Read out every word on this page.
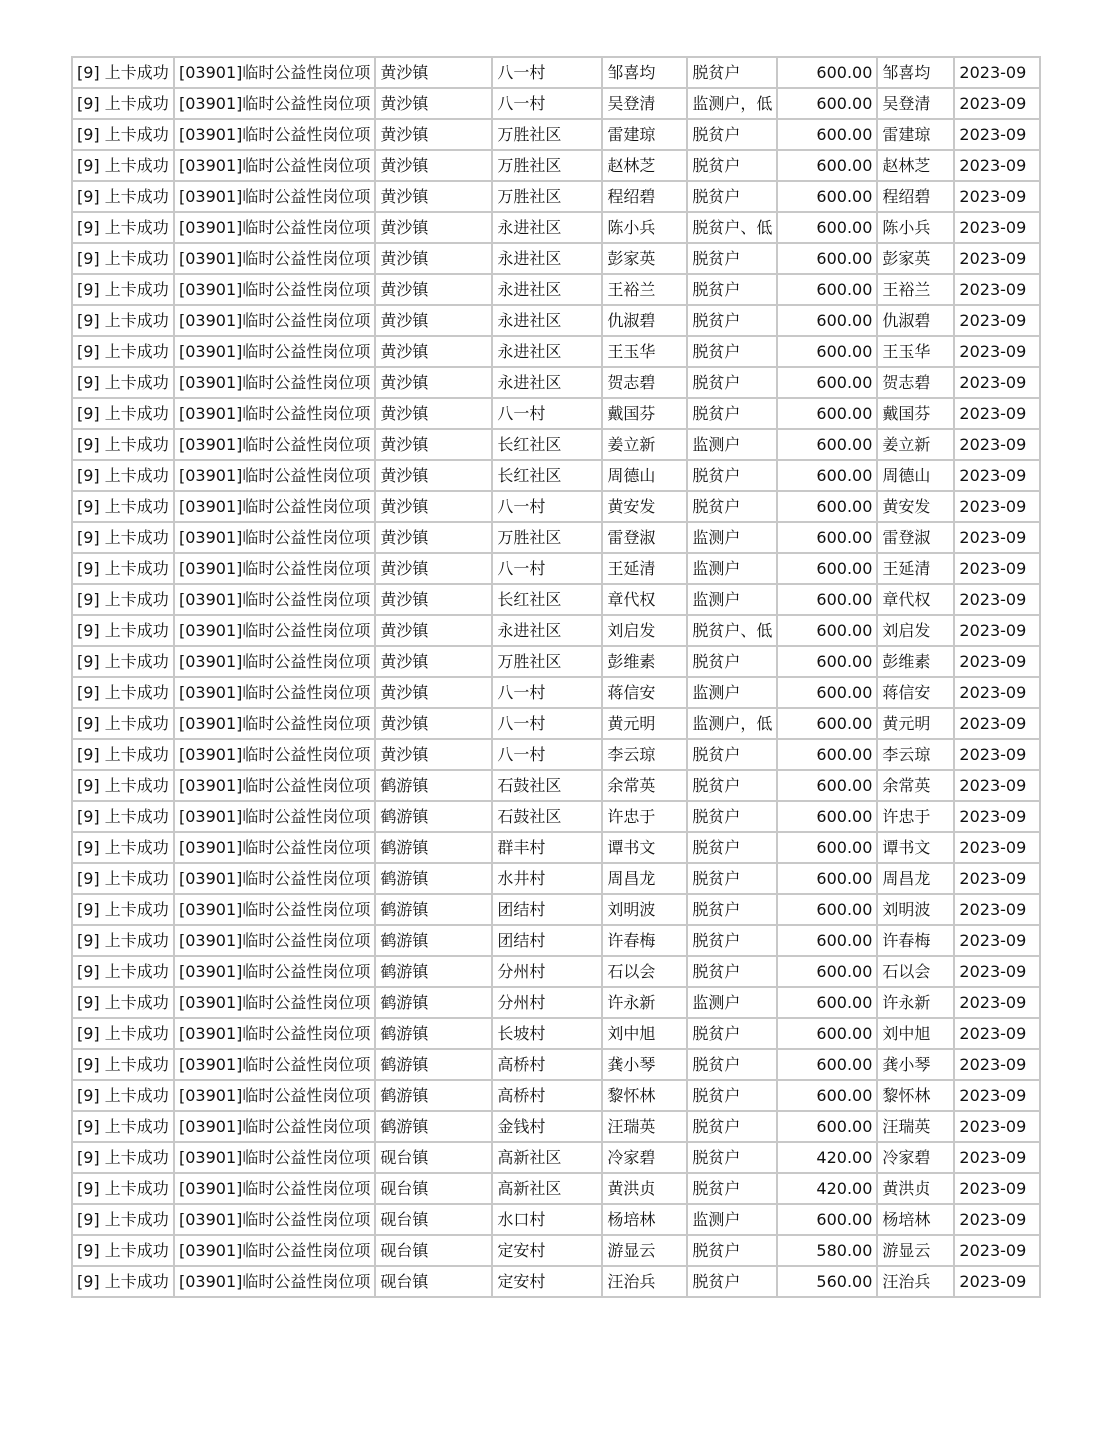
[9] 上卡成功	[03901]临时公益性岗位项	黄沙镇	八一村	邹喜均	脱贫户	600.00	邹喜均	2023-09
[9] 上卡成功	[03901]临时公益性岗位项	黄沙镇	八一村	吴登清	监测户，低	600.00	吴登清	2023-09
[9] 上卡成功	[03901]临时公益性岗位项	黄沙镇	万胜社区	雷建琼	脱贫户	600.00	雷建琼	2023-09
[9] 上卡成功	[03901]临时公益性岗位项	黄沙镇	万胜社区	赵林芝	脱贫户	600.00	赵林芝	2023-09
[9] 上卡成功	[03901]临时公益性岗位项	黄沙镇	万胜社区	程绍碧	脱贫户	600.00	程绍碧	2023-09
[9] 上卡成功	[03901]临时公益性岗位项	黄沙镇	永进社区	陈小兵	脱贫户、低	600.00	陈小兵	2023-09
[9] 上卡成功	[03901]临时公益性岗位项	黄沙镇	永进社区	彭家英	脱贫户	600.00	彭家英	2023-09
[9] 上卡成功	[03901]临时公益性岗位项	黄沙镇	永进社区	王裕兰	脱贫户	600.00	王裕兰	2023-09
[9] 上卡成功	[03901]临时公益性岗位项	黄沙镇	永进社区	仇淑碧	脱贫户	600.00	仇淑碧	2023-09
[9] 上卡成功	[03901]临时公益性岗位项	黄沙镇	永进社区	王玉华	脱贫户	600.00	王玉华	2023-09
[9] 上卡成功	[03901]临时公益性岗位项	黄沙镇	永进社区	贺志碧	脱贫户	600.00	贺志碧	2023-09
[9] 上卡成功	[03901]临时公益性岗位项	黄沙镇	八一村	戴国芬	脱贫户	600.00	戴国芬	2023-09
[9] 上卡成功	[03901]临时公益性岗位项	黄沙镇	长红社区	姜立新	监测户	600.00	姜立新	2023-09
[9] 上卡成功	[03901]临时公益性岗位项	黄沙镇	长红社区	周德山	脱贫户	600.00	周德山	2023-09
[9] 上卡成功	[03901]临时公益性岗位项	黄沙镇	八一村	黄安发	脱贫户	600.00	黄安发	2023-09
[9] 上卡成功	[03901]临时公益性岗位项	黄沙镇	万胜社区	雷登淑	监测户	600.00	雷登淑	2023-09
[9] 上卡成功	[03901]临时公益性岗位项	黄沙镇	八一村	王延清	监测户	600.00	王延清	2023-09
[9] 上卡成功	[03901]临时公益性岗位项	黄沙镇	长红社区	章代权	监测户	600.00	章代权	2023-09
[9] 上卡成功	[03901]临时公益性岗位项	黄沙镇	永进社区	刘启发	脱贫户、低	600.00	刘启发	2023-09
[9] 上卡成功	[03901]临时公益性岗位项	黄沙镇	万胜社区	彭维素	脱贫户	600.00	彭维素	2023-09
[9] 上卡成功	[03901]临时公益性岗位项	黄沙镇	八一村	蒋信安	监测户	600.00	蒋信安	2023-09
[9] 上卡成功	[03901]临时公益性岗位项	黄沙镇	八一村	黄元明	监测户，低	600.00	黄元明	2023-09
[9] 上卡成功	[03901]临时公益性岗位项	黄沙镇	八一村	李云琼	脱贫户	600.00	李云琼	2023-09
[9] 上卡成功	[03901]临时公益性岗位项	鹤游镇	石鼓社区	余常英	脱贫户	600.00	余常英	2023-09
[9] 上卡成功	[03901]临时公益性岗位项	鹤游镇	石鼓社区	许忠于	脱贫户	600.00	许忠于	2023-09
[9] 上卡成功	[03901]临时公益性岗位项	鹤游镇	群丰村	谭书文	脱贫户	600.00	谭书文	2023-09
[9] 上卡成功	[03901]临时公益性岗位项	鹤游镇	水井村	周昌龙	脱贫户	600.00	周昌龙	2023-09
[9] 上卡成功	[03901]临时公益性岗位项	鹤游镇	团结村	刘明波	脱贫户	600.00	刘明波	2023-09
[9] 上卡成功	[03901]临时公益性岗位项	鹤游镇	团结村	许春梅	脱贫户	600.00	许春梅	2023-09
[9] 上卡成功	[03901]临时公益性岗位项	鹤游镇	分州村	石以会	脱贫户	600.00	石以会	2023-09
[9] 上卡成功	[03901]临时公益性岗位项	鹤游镇	分州村	许永新	监测户	600.00	许永新	2023-09
[9] 上卡成功	[03901]临时公益性岗位项	鹤游镇	长坡村	刘中旭	脱贫户	600.00	刘中旭	2023-09
[9] 上卡成功	[03901]临时公益性岗位项	鹤游镇	高桥村	龚小琴	脱贫户	600.00	龚小琴	2023-09
[9] 上卡成功	[03901]临时公益性岗位项	鹤游镇	高桥村	黎怀林	脱贫户	600.00	黎怀林	2023-09
[9] 上卡成功	[03901]临时公益性岗位项	鹤游镇	金钱村	汪瑞英	脱贫户	600.00	汪瑞英	2023-09
[9] 上卡成功	[03901]临时公益性岗位项	砚台镇	高新社区	冷家碧	脱贫户	420.00	冷家碧	2023-09
[9] 上卡成功	[03901]临时公益性岗位项	砚台镇	高新社区	黄洪贞	脱贫户	420.00	黄洪贞	2023-09
[9] 上卡成功	[03901]临时公益性岗位项	砚台镇	水口村	杨培林	监测户	600.00	杨培林	2023-09
[9] 上卡成功	[03901]临时公益性岗位项	砚台镇	定安村	游显云	脱贫户	580.00	游显云	2023-09
[9] 上卡成功	[03901]临时公益性岗位项	砚台镇	定安村	汪治兵	脱贫户	560.00	汪治兵	2023-09
